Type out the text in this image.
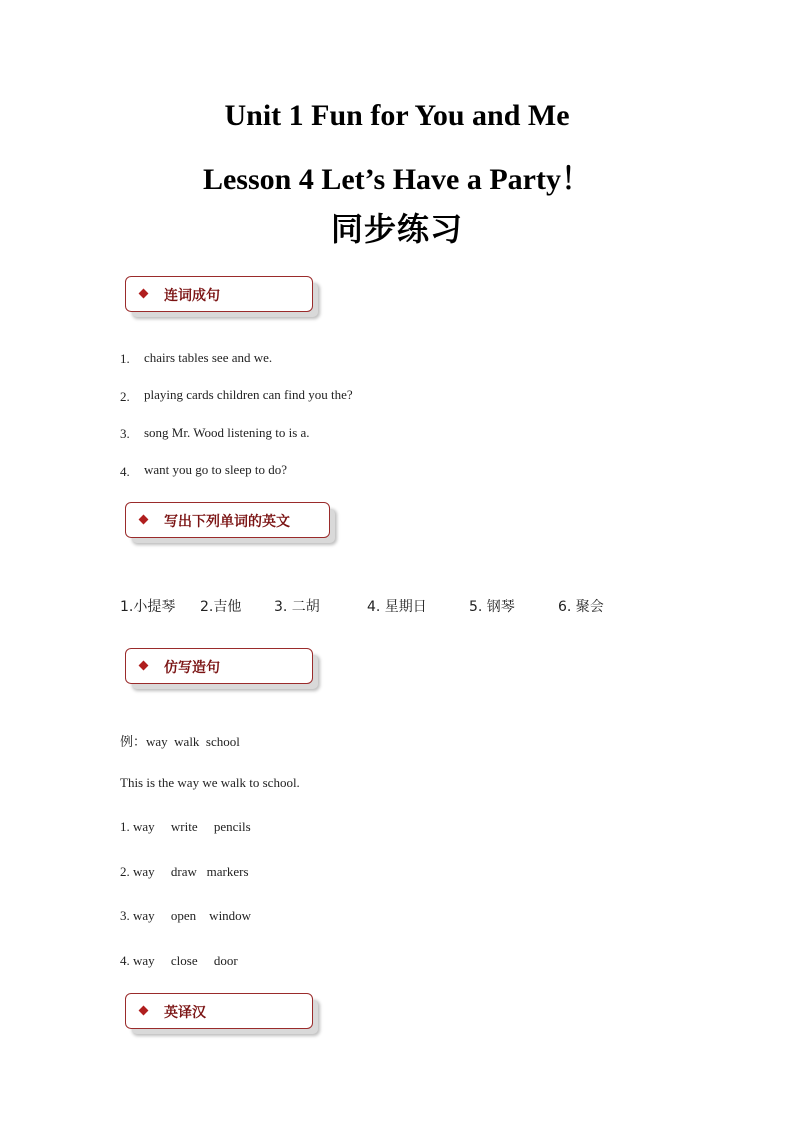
Unit 1 Fun for You and Me
Lesson 4 Let’s Have a Party！
同步练习
连词成句
1. chairs tables see and we.
2. playing cards children can find you the?
3. song Mr. Wood listening to is a.
4. want you go to sleep to do?
写出下列单词的英文
1.小提琴 2.吉他 3. 二胡	4. 星期日	5. 钢琴	6. 聚会
仿写造句
例：way  walk  school
This is the way we walk to school.
1. way     write     pencils
2. way     draw   markers
3. way     open    window
4. way     close     door
英译汉
